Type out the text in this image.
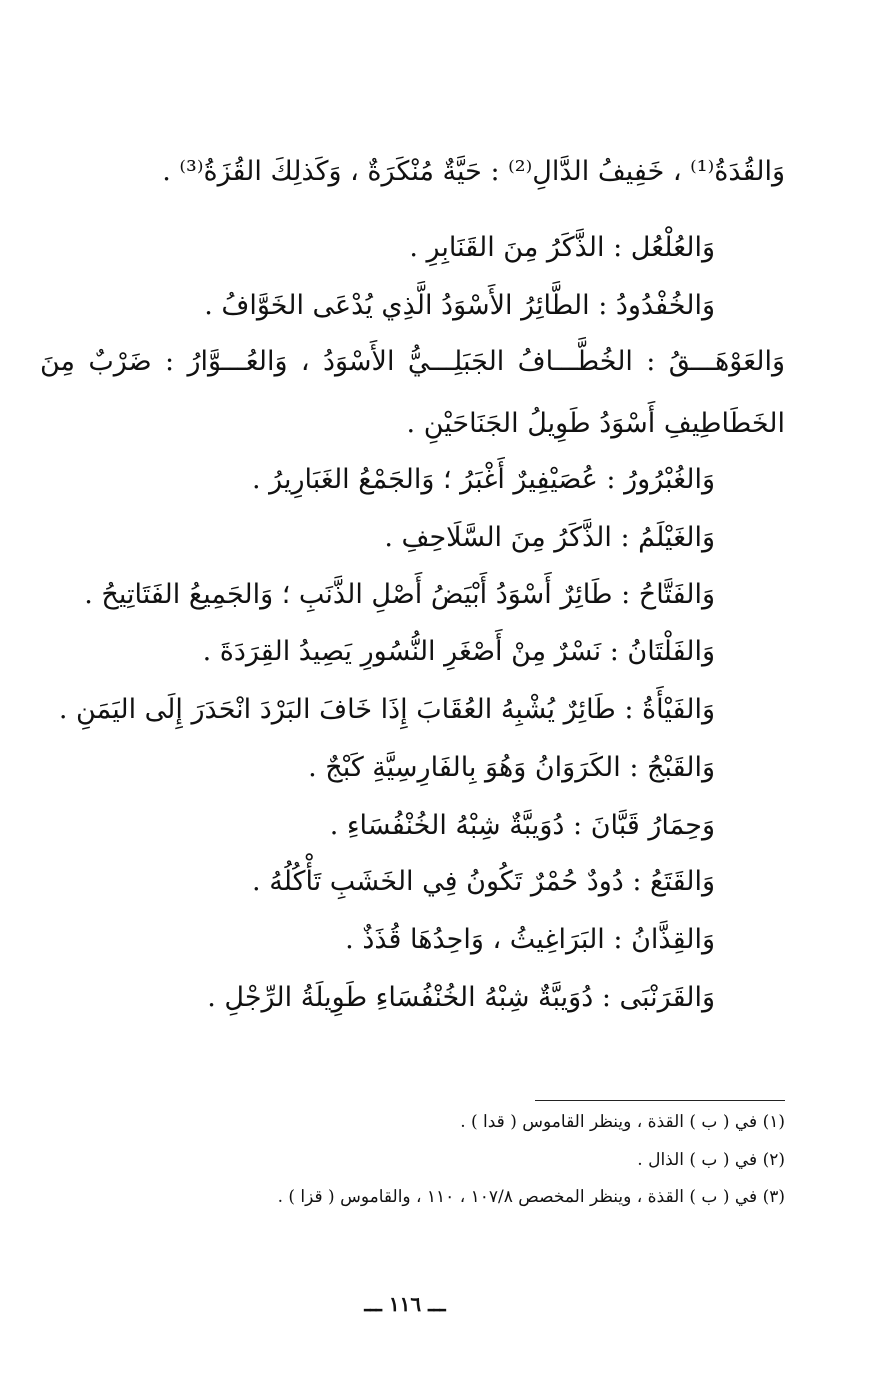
وَالقُدَةُ⁽¹⁾ ، خَفِيفُ الدَّالِ⁽²⁾ : حَيَّةٌ مُنْكَرَةٌ ، وَكَذلِكَ القُزَةُ⁽³⁾ .
وَالعُلْعُل : الذَّكَرُ مِنَ القَنَابِرِ .
وَالخُفْدُودُ : الطَّائِرُ الأَسْوَدُ الَّذِي يُدْعَى الخَوَّافُ .
وَالعَوْهَـــقُ : الخُطَّـــافُ الجَبَلِـــيُّ الأَسْوَدُ ، وَالعُـــوَّارُ : ضَرْبٌ مِنَ
الخَطَاطِيفِ أَسْوَدُ طَوِيلُ الجَنَاحَيْنِ .
وَالغُبْرُورُ : عُصَيْفِيرٌ أَغْبَرُ ؛ وَالجَمْعُ الغَبَارِيرُ .
وَالغَيْلَمُ : الذَّكَرُ مِنَ السَّلَاحِفِ .
وَالفَتَّاحُ : طَائِرٌ أَسْوَدُ أَبْيَضُ أَصْلِ الذَّنَبِ ؛ وَالجَمِيعُ الفَتَاتِيحُ .
وَالفَلْتَانُ : نَسْرٌ مِنْ أَصْغَرِ النُّسُورِ يَصِيدُ القِرَدَةَ .
وَالفَيْأَةُ : طَائِرٌ يُشْبِهُ العُقَابَ إِذَا خَافَ البَرْدَ انْحَدَرَ إِلَى اليَمَنِ .
وَالقَبْجُ : الكَرَوَانُ وَهُوَ بِالفَارِسِيَّةِ كَبْجٌ .
وَحِمَارُ قَبَّانَ : دُوَيبَّةٌ شِبْهُ الخُنْفُسَاءِ .
وَالقَتَعُ : دُودٌ حُمْرٌ تَكُونُ فِي الخَشَبِ تَأْكُلُهُ .
وَالقِذَّانُ : البَرَاغِيثُ ، وَاحِدُهَا قُذَذٌ .
وَالقَرَنْبَى : دُوَيبَّةٌ شِبْهُ الخُنْفُسَاءِ طَوِيلَةُ الرِّجْلِ .
(١) في ( ب ) القذة ، وينظر القاموس ( قدا ) .
(٢) في ( ب ) الذال .
(٣) في ( ب ) القذة ، وينظر المخصص ١٠٧/٨ ، ١١٠ ، والقاموس ( قزا ) .
ـــ ١١٦ ـــ
